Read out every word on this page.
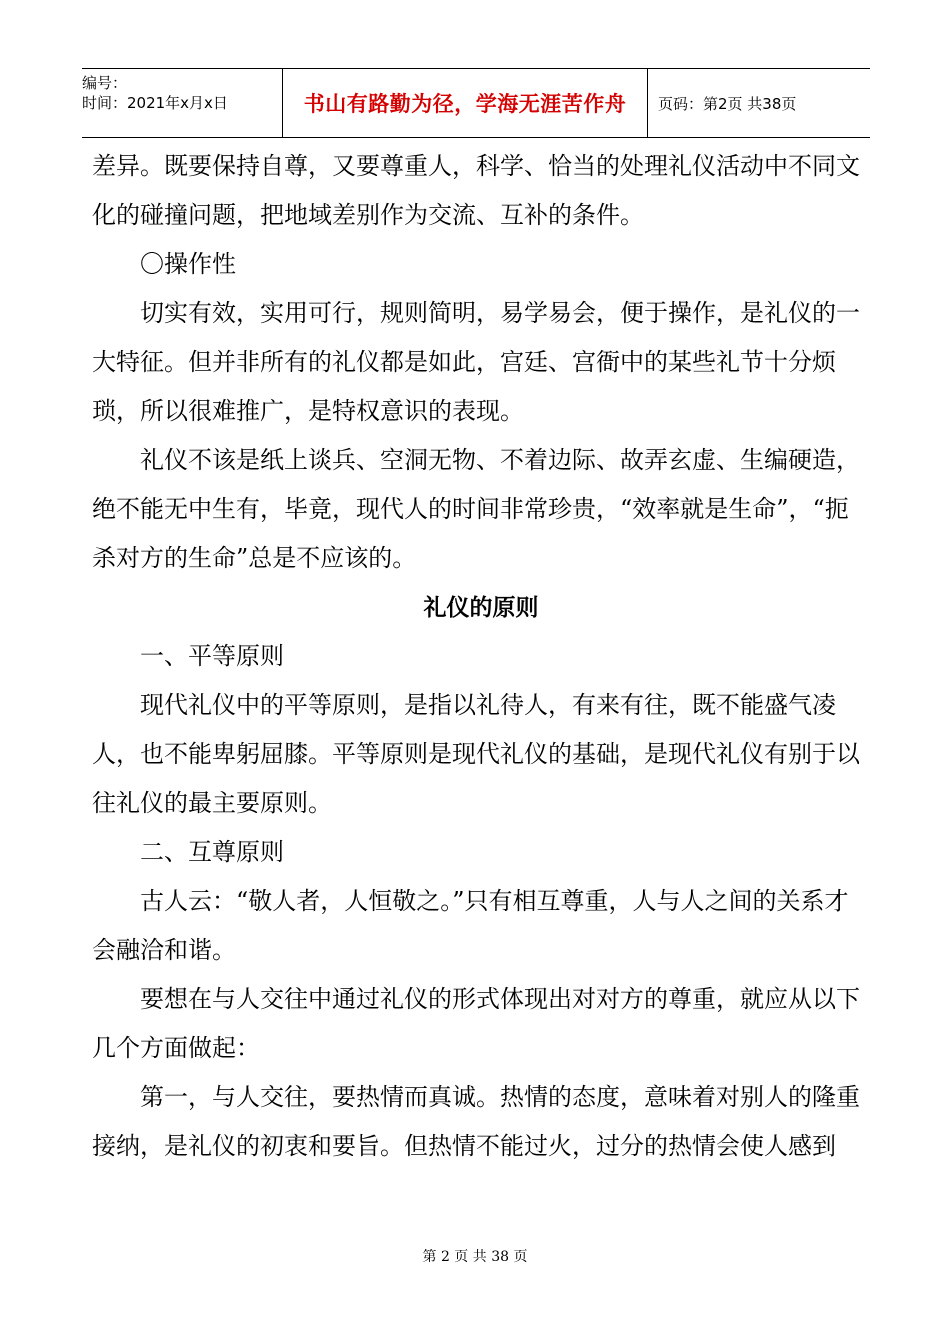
编号：
时间：2021年x月x日	书山有路勤为径，学海无涯苦作舟	页码：第2页 共38页

差异。既要保持自尊，又要尊重人，科学、恰当的处理礼仪活动中不同文化的碰撞问题，把地域差别作为交流、互补的条件。

〇操作性

切实有效，实用可行，规则简明，易学易会，便于操作，是礼仪的一大特征。但并非所有的礼仪都是如此，宫廷、宫衙中的某些礼节十分烦琐，所以很难推广，是特权意识的表现。

礼仪不该是纸上谈兵、空洞无物、不着边际、故弄玄虚、生编硬造，绝不能无中生有，毕竟，现代人的时间非常珍贵，“效率就是生命”，“扼杀对方的生命”总是不应该的。

礼仪的原则

一、平等原则

现代礼仪中的平等原则，是指以礼待人，有来有往，既不能盛气凌人，也不能卑躬屈膝。平等原则是现代礼仪的基础，是现代礼仪有别于以往礼仪的最主要原则。

二、互尊原则

古人云：“敬人者，人恒敬之。”只有相互尊重，人与人之间的关系才会融洽和谐。

要想在与人交往中通过礼仪的形式体现出对对方的尊重，就应从以下几个方面做起：

第一，与人交往，要热情而真诚。热情的态度，意味着对别人的隆重接纳，是礼仪的初衷和要旨。但热情不能过火，过分的热情会使人感到

第 2 页 共 38 页
